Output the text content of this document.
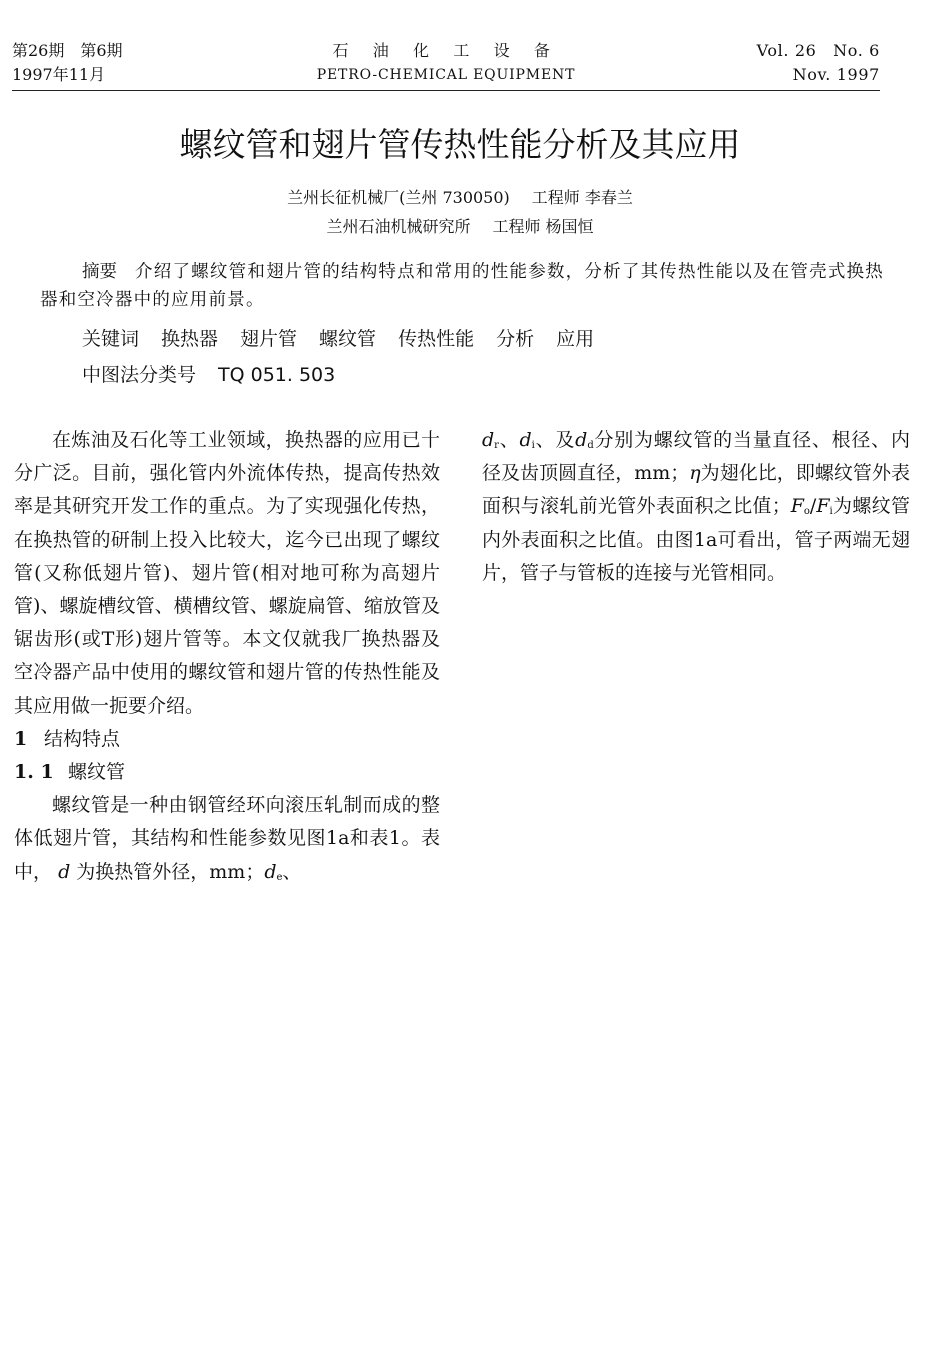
第26期　第6期	石 油 化 工 设 备	Vol. 26　No. 6
1997年11月	PETRO-CHEMICAL EQUIPMENT	Nov. 1997
螺纹管和翅片管传热性能分析及其应用
兰州长征机械厂(兰州 730050) 工程师 李春兰
兰州石油机械研究所 工程师 杨国恒
摘要 介绍了螺纹管和翅片管的结构特点和常用的性能参数，分析了其传热性能以及在管壳式换热器和空冷器中的应用前景。
关键词 换热器 翅片管 螺纹管 传热性能 分析 应用
中图法分类号 TQ 051. 503

在炼油及石化等工业领域，换热器的应用已十分广泛。目前，强化管内外流体传热，提高传热效率是其研究开发工作的重点。为了实现强化传热，在换热管的研制上投入比较大，迄今已出现了螺纹管(又称低翅片管)、翅片管(相对地可称为高翅片管)、螺旋槽纹管、横槽纹管、螺旋扁管、缩放管及锯齿形(或T形)翅片管等。本文仅就我厂换热器及空冷器产品中使用的螺纹管和翅片管的传热性能及其应用做一扼要介绍。

1 结构特点

1. 1 螺纹管

螺纹管是一种由钢管经环向滚压轧制而成的整体低翅片管，其结构和性能参数见图1a和表1。表中， d 为换热管外径，mm；$d_e$、

$d_r$、$d_i$、及$d_d$分别为螺纹管的当量直径、根径、内径及齿顶圆直径，mm；η为翅化比，即螺纹管外表面积与滚轧前光管外表面积之比值；$F_o/F_i$为螺纹管内外表面积之比值。由图1a可看出，管子两端无翅片，管子与管板的连接与光管相同。
